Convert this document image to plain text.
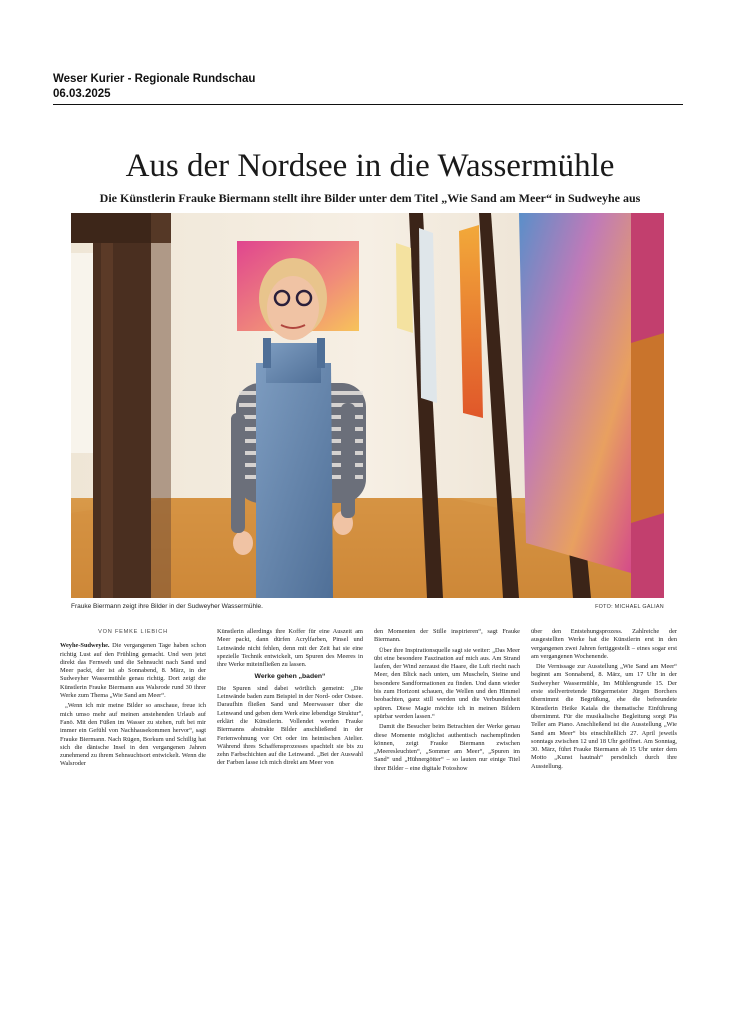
Weser Kurier - Regionale Rundschau
06.03.2025
Aus der Nordsee in die Wassermühle

Die Künstlerin Frauke Biermann stellt ihre Bilder unter dem Titel „Wie Sand am Meer“ in Sudweyhe aus

Frauke Biermann zeigt ihre Bilder in der Sudweyher Wassermühle.	FOTO: MICHAEL GALIAN
VON FEMKE LIEBICH

Weyhe-Sudweyhe. Die vergangenen Tage haben schon richtig Lust auf den Frühling gemacht. Und wen jetzt direkt das Fernweh und die Sehnsucht nach Sand und Meer packt, der ist ab Sonnabend, 8. März, in der Sudweyher Wassermühle genau richtig. Dort zeigt die Künstlerin Frauke Biermann aus Walsrode rund 30 ihrer Werke zum Thema „Wie Sand am Meer“.

„Wenn ich mir meine Bilder so anschaue, freue ich mich umso mehr auf meinen anstehenden Urlaub auf Fanö. Mit den Füßen im Wasser zu stehen, ruft bei mir immer ein Gefühl von Nachhausekommen hervor“, sagt Frauke Biermann. Nach Rügen, Borkum und Schillig hat sich die dänische Insel in den vergangenen Jahren zunehmend zu ihrem Sehnsuchtsort entwickelt. Wenn die Walsroder

Künstlerin allerdings ihre Koffer für eine Auszeit am Meer packt, dann dürfen Acrylfarben, Pinsel und Leinwände nicht fehlen, denn mit der Zeit hat sie eine spezielle Technik entwickelt, um Spuren des Meeres in ihre Werke miteinfließen zu lassen.

Werke gehen „baden“

Die Spuren sind dabei wörtlich gemeint: „Die Leinwände baden zum Beispiel in der Nord- oder Ostsee. Daraufhin fließen Sand und Meerwasser über die Leinwand und geben dem Werk eine lebendige Struktur“, erklärt die Künstlerin. Vollendet werden Frauke Biermanns abstrakte Bilder anschließend in der Ferienwohnung vor Ort oder im heimischen Atelier. Während ihres Schaffensprozesses spachtelt sie bis zu zehn Farbschichten auf die Leinwand. „Bei der Auswahl der Farben lasse ich mich direkt am Meer von

den Momenten der Stille inspirieren“, sagt Frauke Biermann.

Über ihre Inspirationsquelle sagt sie weiter: „Das Meer übt eine besondere Faszination auf mich aus. Am Strand laufen, der Wind zerzaust die Haare, die Luft riecht nach Meer, den Blick nach unten, um Muscheln, Steine und besondere Sandformationen zu finden. Und dann wieder bis zum Horizont schauen, die Wellen und den Himmel beobachten, ganz still werden und die Verbundenheit spüren. Diese Magie möchte ich in meinen Bildern spürbar werden lassen.“

Damit die Besucher beim Betrachten der Werke genau diese Momente möglichst authentisch nachempfinden können, zeigt Frauke Biermann zwischen „Meeresleuchten“, „Sommer am Meer“, „Spuren im Sand“ und „Hühnergötter“ – so lauten nur einige Titel ihrer Bilder – eine digitale Fotoshow

über den Entstehungsprozess. Zahlreiche der ausgestellten Werke hat die Künstlerin erst in den vergangenen zwei Jahren fertiggestellt – eines sogar erst am vergangenen Wochenende.

Die Vernissage zur Ausstellung „Wie Sand am Meer“ beginnt am Sonnabend, 8. März, um 17 Uhr in der Sudweyher Wassermühle, Im Mühlengrunde 15. Der erste stellvertretende Bürgermeister Jürgen Borchers übernimmt die Begrüßung, ehe die befreundete Künstlerin Heike Katala die thematische Einführung übernimmt. Für die musikalische Begleitung sorgt Pia Teller am Piano. Anschließend ist die Ausstellung „Wie Sand am Meer“ bis einschließlich 27. April jeweils sonntags zwischen 12 und 18 Uhr geöffnet. Am Sonntag, 30. März, führt Frauke Biermann ab 15 Uhr unter dem Motto „Kunst hautnah“ persönlich durch ihre Ausstellung.
